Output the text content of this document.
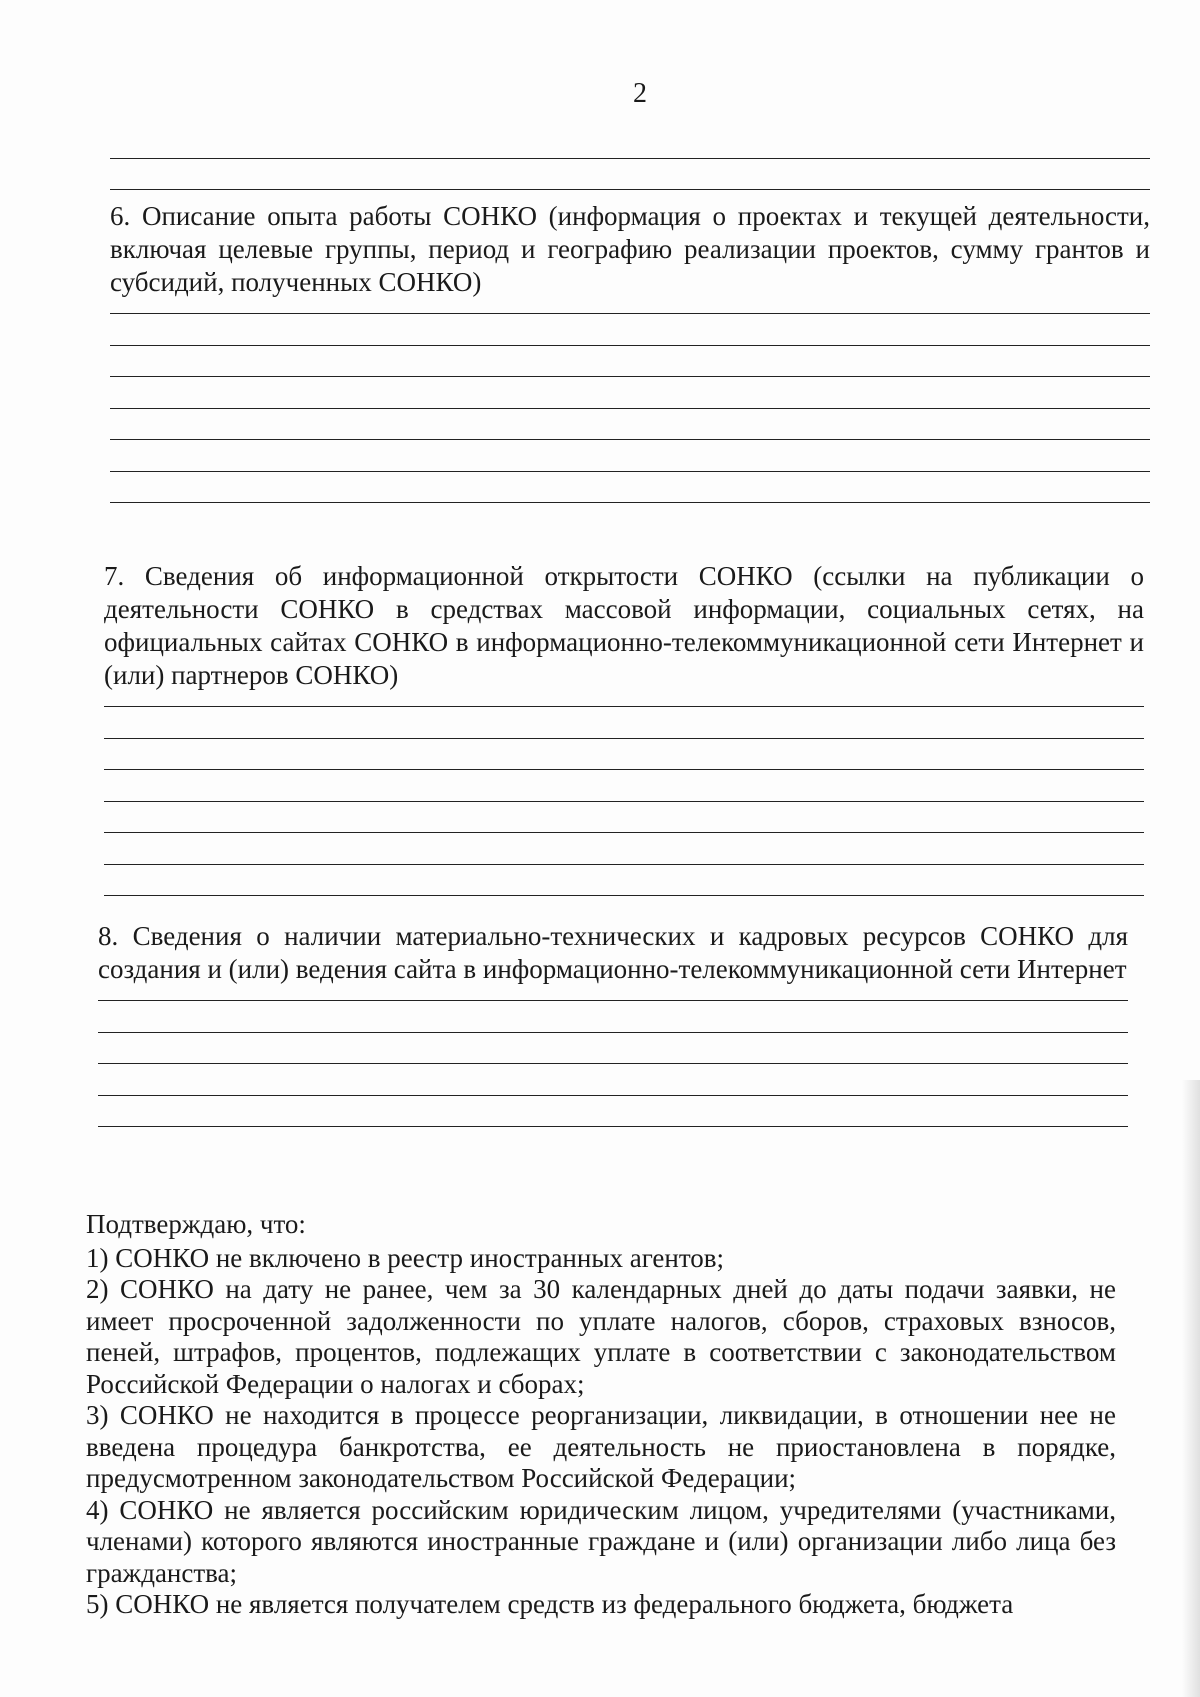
2

6. Описание опыта работы СОНКО (информация о проектах и текущей деятельности, включая целевые группы, период и географию реализации проектов, сумму грантов и субсидий, полученных СОНКО)

7. Сведения об информационной открытости СОНКО (ссылки на публикации о деятельности СОНКО в средствах массовой информации, социальных сетях, на официальных сайтах СОНКО в информационно-телекоммуникационной сети Интернет и (или) партнеров СОНКО)

8. Сведения о наличии материально-технических и кадровых ресурсов СОНКО для создания и (или) ведения сайта в информационно-телекоммуникационной сети Интернет

Подтверждаю, что:

1) СОНКО не включено в реестр иностранных агентов;

2) СОНКО на дату не ранее, чем за 30 календарных дней до даты подачи заявки, не имеет просроченной задолженности по уплате налогов, сборов, страховых взносов, пеней, штрафов, процентов, подлежащих уплате в соответствии с законодательством Российской Федерации о налогах и сборах;

3) СОНКО не находится в процессе реорганизации, ликвидации, в отношении нее не введена процедура банкротства, ее деятельность не приостановлена в порядке, предусмотренном законодательством Российской Федерации;

4) СОНКО не является российским юридическим лицом, учредителями (участниками, членами) которого являются иностранные граждане и (или) организации либо лица без гражданства;

5) СОНКО не является получателем средств из федерального бюджета, бюджета
